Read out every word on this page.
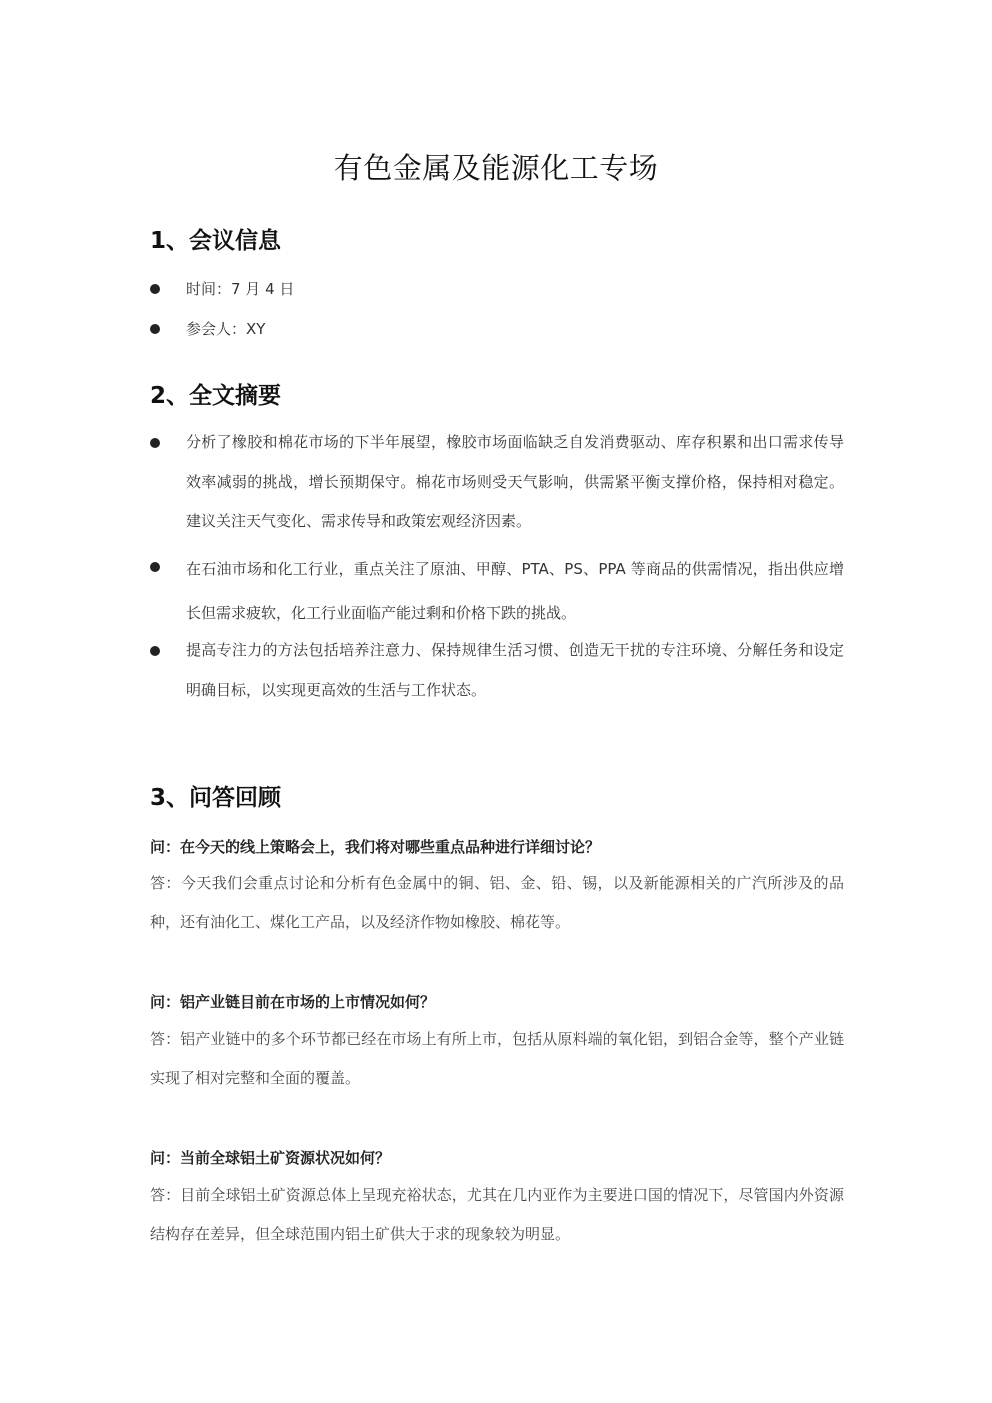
有色金属及能源化工专场
1、会议信息

时间：7 月 4 日

参会人：XY

2、全文摘要

分析了橡胶和棉花市场的下半年展望，橡胶市场面临缺乏自发消费驱动、库存积累和出口需求传导效率减弱的挑战，增长预期保守。棉花市场则受天气影响，供需紧平衡支撑价格，保持相对稳定。建议关注天气变化、需求传导和政策宏观经济因素。

在石油市场和化工行业，重点关注了原油、甲醇、PTA、PS、PPA 等商品的供需情况，指出供应增长但需求疲软，化工行业面临产能过剩和价格下跌的挑战。

提高专注力的方法包括培养注意力、保持规律生活习惯、创造无干扰的专注环境、分解任务和设定明确目标，以实现更高效的生活与工作状态。

3、问答回顾

问：在今天的线上策略会上，我们将对哪些重点品种进行详细讨论？

答：今天我们会重点讨论和分析有色金属中的铜、铝、金、铅、锡，以及新能源相关的广汽所涉及的品种，还有油化工、煤化工产品，以及经济作物如橡胶、棉花等。

问：铝产业链目前在市场的上市情况如何？

答：铝产业链中的多个环节都已经在市场上有所上市，包括从原料端的氧化铝，到铝合金等，整个产业链实现了相对完整和全面的覆盖。

问：当前全球铝土矿资源状况如何？

答：目前全球铝土矿资源总体上呈现充裕状态，尤其在几内亚作为主要进口国的情况下，尽管国内外资源结构存在差异，但全球范围内铝土矿供大于求的现象较为明显。
